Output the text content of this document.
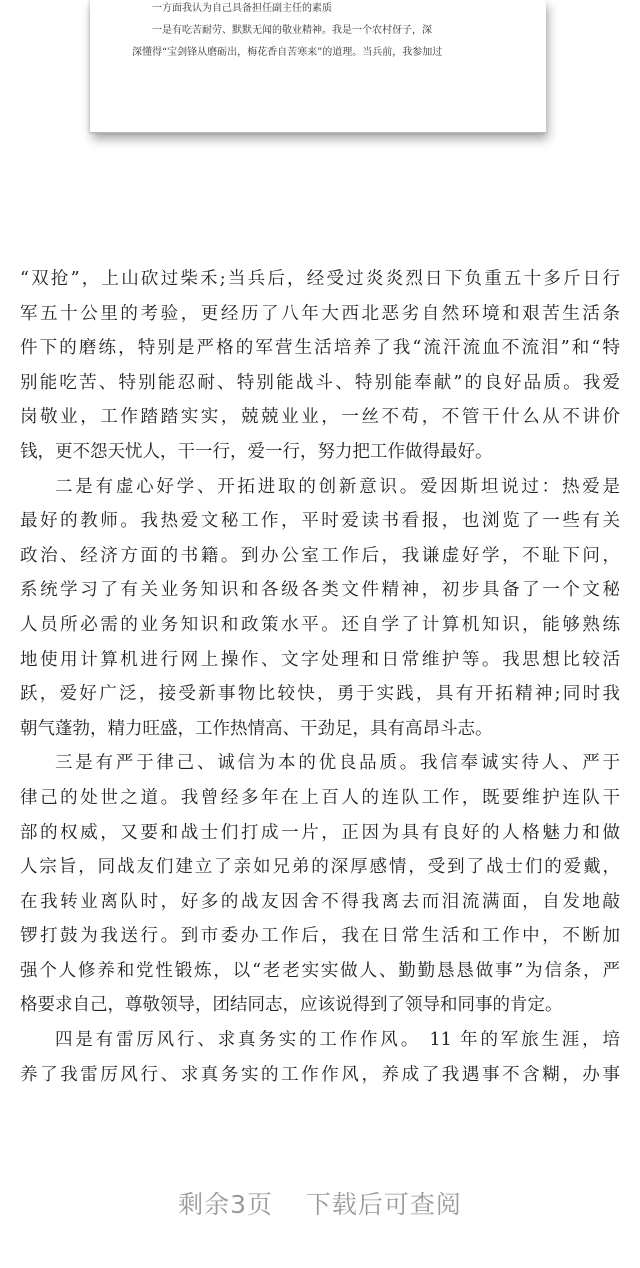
一方面我认为自己具备担任副主任的素质
一是有吃苦耐劳、默默无闻的敬业精神。我是一个农村伢子，深
深懂得“宝剑锋从磨砺出，梅花香自苦寒来”的道理。当兵前，我参加过
“双抢”，上山砍过柴禾;当兵后，经受过炎炎烈日下负重五十多斤日行
军五十公里的考验，更经历了八年大西北恶劣自然环境和艰苦生活条
件下的磨练，特别是严格的军营生活培养了我“流汗流血不流泪”和“特
别能吃苦、特别能忍耐、特别能战斗、特别能奉献”的良好品质。我爱
岗敬业，工作踏踏实实，兢兢业业，一丝不苟，不管干什么从不讲价
钱，更不怨天忧人，干一行，爱一行，努力把工作做得最好。
二是有虚心好学、开拓进取的创新意识。爱因斯坦说过：热爱是
最好的教师。我热爱文秘工作，平时爱读书看报，也浏览了一些有关
政治、经济方面的书籍。到办公室工作后，我谦虚好学，不耻下问，
系统学习了有关业务知识和各级各类文件精神，初步具备了一个文秘
人员所必需的业务知识和政策水平。还自学了计算机知识，能够熟练
地使用计算机进行网上操作、文字处理和日常维护等。我思想比较活
跃，爱好广泛，接受新事物比较快，勇于实践，具有开拓精神;同时我
朝气蓬勃，精力旺盛，工作热情高、干劲足，具有高昂斗志。
三是有严于律己、诚信为本的优良品质。我信奉诚实待人、严于
律己的处世之道。我曾经多年在上百人的连队工作，既要维护连队干
部的权威，又要和战士们打成一片，正因为具有良好的人格魅力和做
人宗旨，同战友们建立了亲如兄弟的深厚感情，受到了战士们的爱戴，
在我转业离队时，好多的战友因舍不得我离去而泪流满面，自发地敲
锣打鼓为我送行。到市委办工作后，我在日常生活和工作中，不断加
强个人修养和党性锻炼，以“老老实实做人、勤勤恳恳做事”为信条，严
格要求自己，尊敬领导，团结同志，应该说得到了领导和同事的肯定。
四是有雷厉风行、求真务实的工作作风。 11 年的军旅生涯，培
养了我雷厉风行、求真务实的工作作风，养成了我遇事不含糊，办事
剩余3页 下载后可查阅
